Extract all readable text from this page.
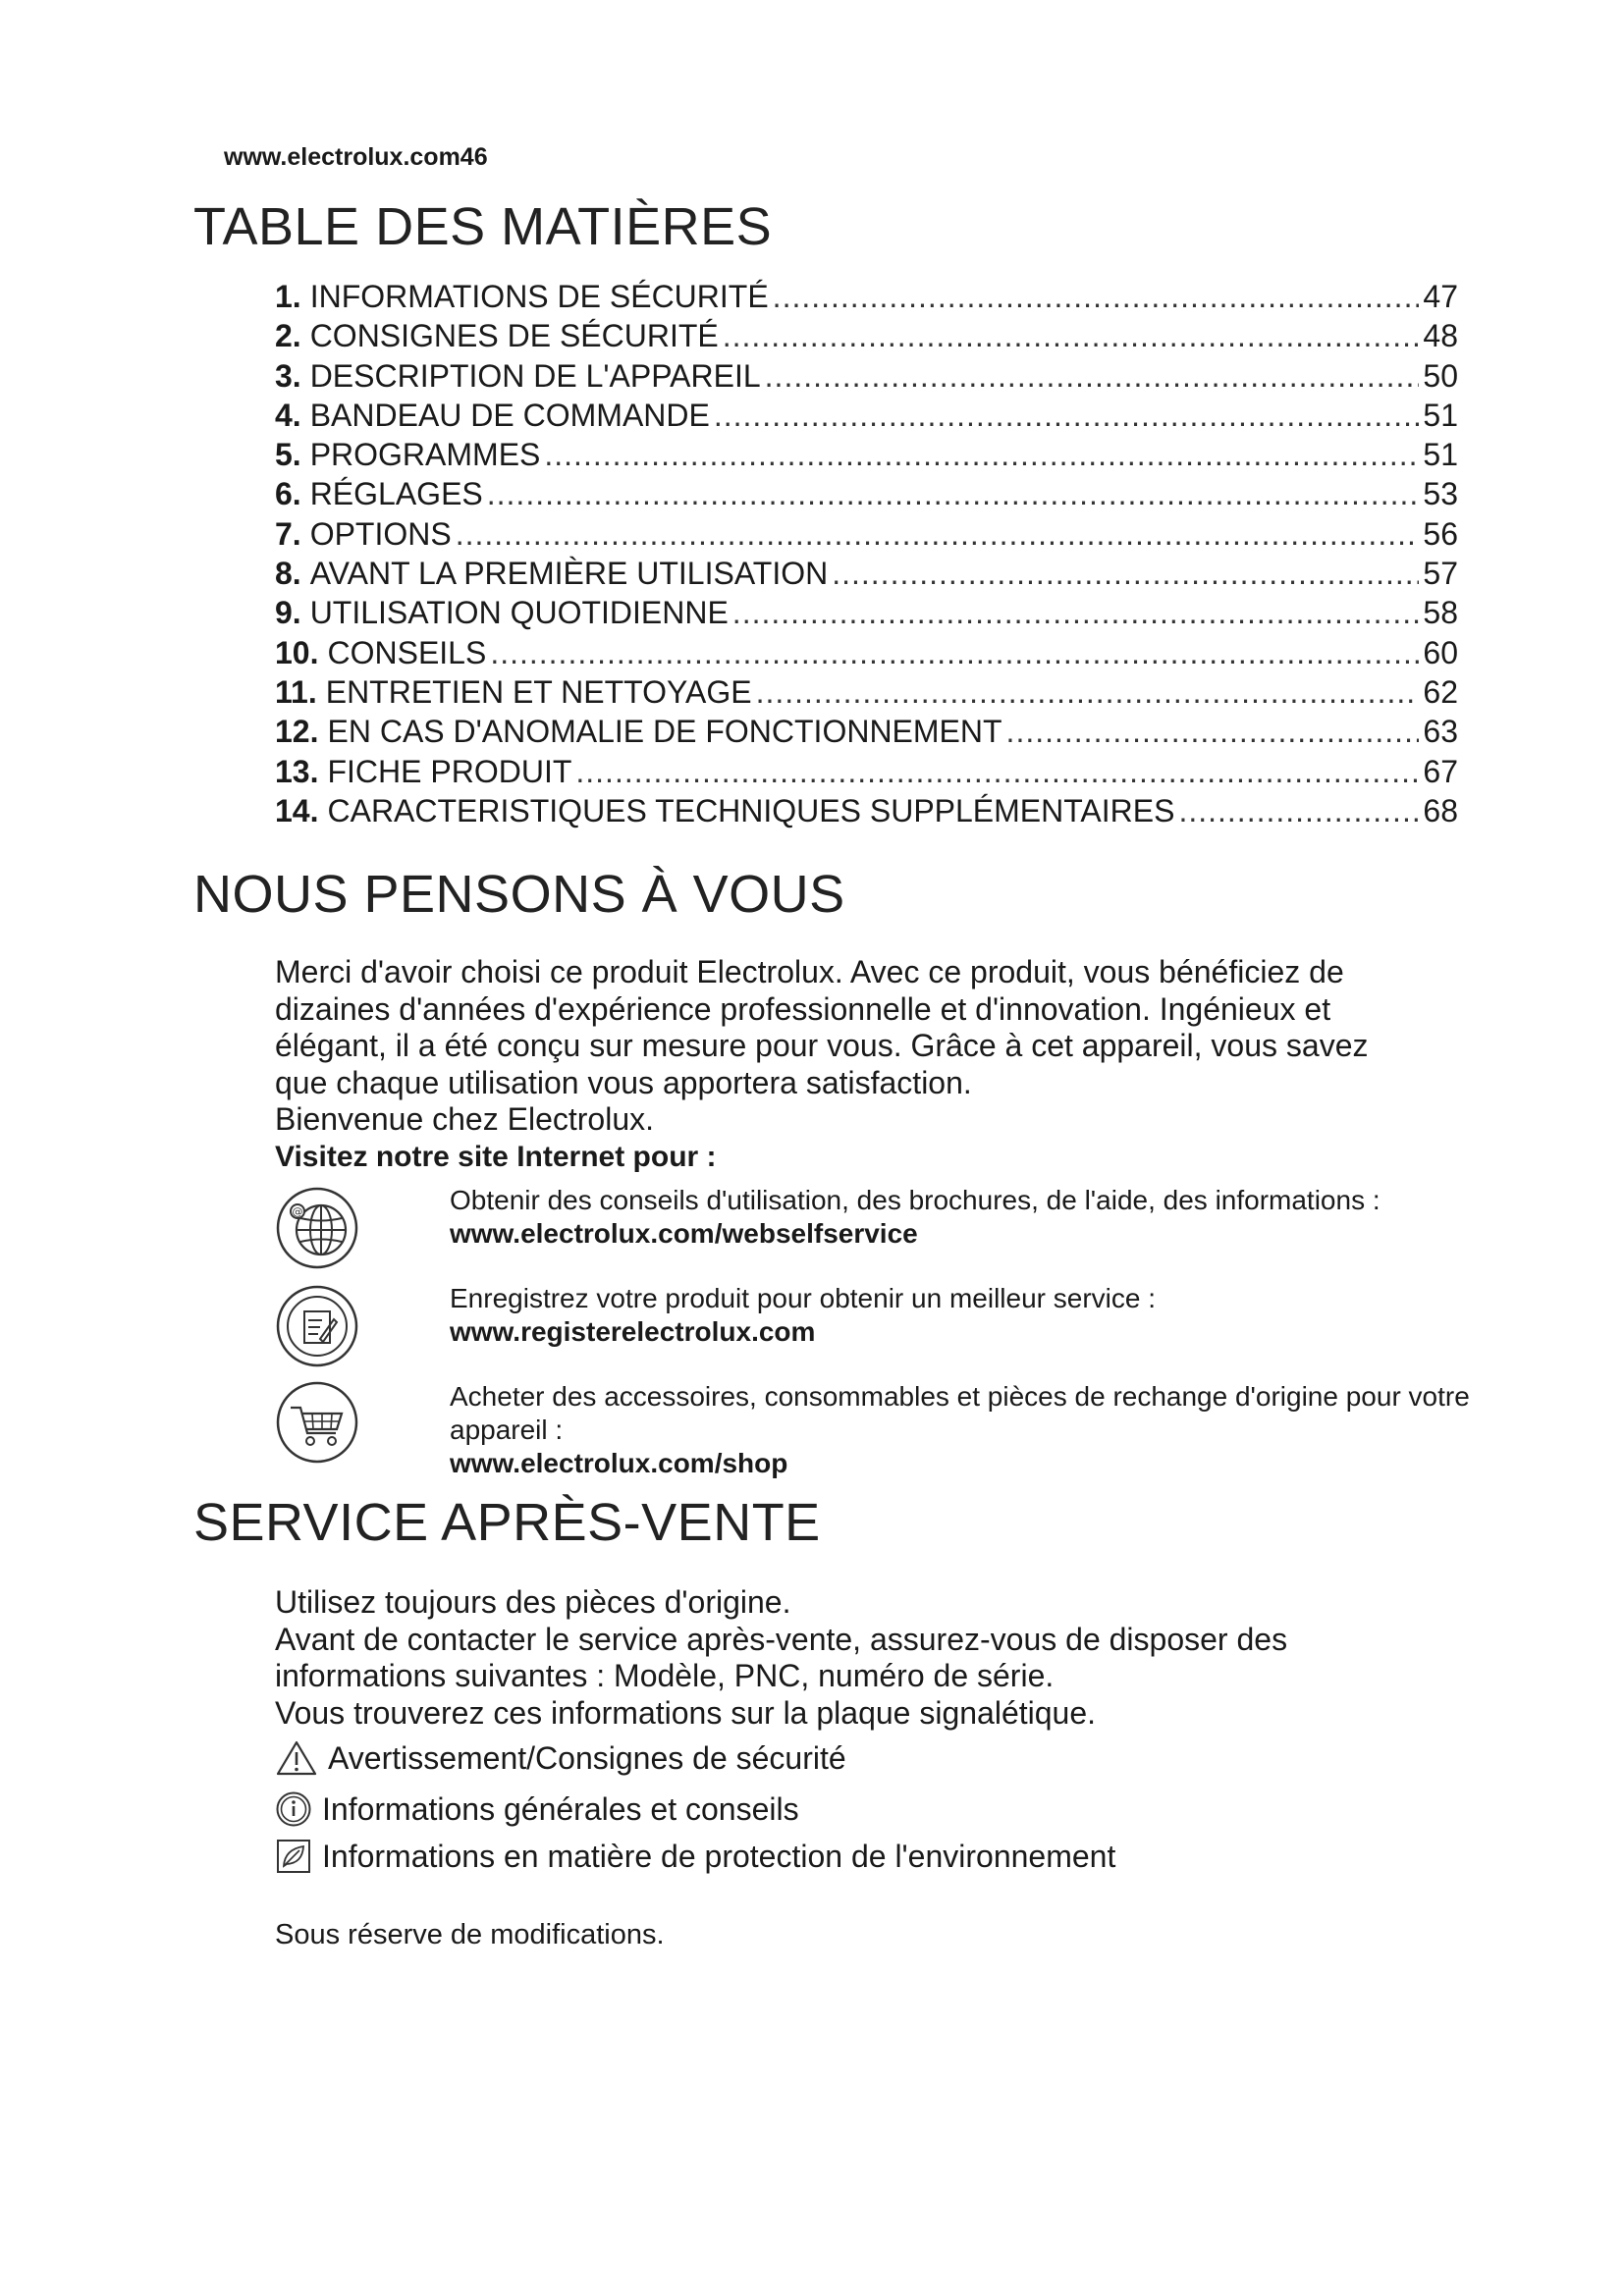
www.electrolux.com46
TABLE DES MATIÈRES
1. INFORMATIONS DE SÉCURITÉ .....	47
2. CONSIGNES DE SÉCURITÉ .....	48
3. DESCRIPTION DE L'APPAREIL .....	50
4. BANDEAU DE COMMANDE .....	51
5. PROGRAMMES .....	51
6. RÉGLAGES .....	53
7. OPTIONS .....	56
8. AVANT LA PREMIÈRE UTILISATION .....	57
9. UTILISATION QUOTIDIENNE .....	58
10. CONSEILS .....	60
11. ENTRETIEN ET NETTOYAGE .....	62
12. EN CAS D'ANOMALIE DE FONCTIONNEMENT .....	63
13. FICHE PRODUIT .....	67
14. CARACTERISTIQUES TECHNIQUES SUPPLÉMENTAIRES .....	68
NOUS PENSONS À VOUS
Merci d'avoir choisi ce produit Electrolux. Avec ce produit, vous bénéficiez de
dizaines d'années d'expérience professionnelle et d'innovation. Ingénieux et
élégant, il a été conçu sur mesure pour vous. Grâce à cet appareil, vous savez
que chaque utilisation vous apportera satisfaction.
Bienvenue chez Electrolux.
Visitez notre site Internet pour :
@	Obtenir des conseils d'utilisation, des brochures, de l'aide, des informations :
www.electrolux.com/webselfservice
Enregistrez votre produit pour obtenir un meilleur service :
www.registerelectrolux.com
Acheter des accessoires, consommables et pièces de rechange d'origine pour votre appareil :
www.electrolux.com/shop
SERVICE APRÈS-VENTE
Utilisez toujours des pièces d'origine.
Avant de contacter le service après-vente, assurez-vous de disposer des
informations suivantes : Modèle, PNC, numéro de série.
Vous trouverez ces informations sur la plaque signalétique.
Avertissement/Consignes de sécurité
Informations générales et conseils
Informations en matière de protection de l'environnement
Sous réserve de modifications.
